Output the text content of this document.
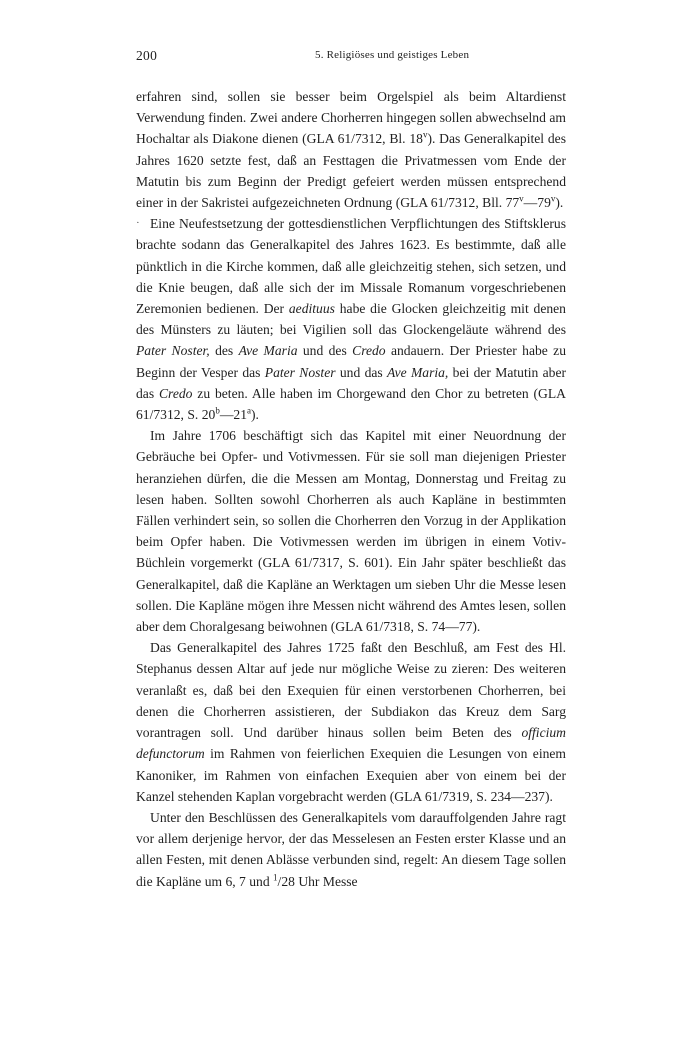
200	5. Religiöses und geistiges Leben

erfahren sind, sollen sie besser beim Orgelspiel als beim Altardienst Verwendung finden. Zwei andere Chorherren hingegen sollen abwechselnd am Hochaltar als Diakone dienen (GLA 61/7312, Bl. 18$^v$). Das Generalkapitel des Jahres 1620 setzte fest, daß an Festtagen die Privatmessen vom Ende der Matutin bis zum Beginn der Predigt gefeiert werden müssen entsprechend einer in der Sakristei aufgezeichneten Ordnung (GLA 61/7312, Bll. 77$^v$—79$^v$).

· Eine Neufestsetzung der gottesdienstlichen Verpflichtungen des Stiftsklerus brachte sodann das Generalkapitel des Jahres 1623. Es bestimmte, daß alle pünktlich in die Kirche kommen, daß alle gleichzeitig stehen, sich setzen, und die Knie beugen, daß alle sich der im Missale Romanum vorgeschriebenen Zeremonien bedienen. Der aedituus habe die Glocken gleichzeitig mit denen des Münsters zu läuten; bei Vigilien soll das Glockengeläute während des Pater Noster, des Ave Maria und des Credo andauern. Der Priester habe zu Beginn der Vesper das Pater Noster und das Ave Maria, bei der Matutin aber das Credo zu beten. Alle haben im Chorgewand den Chor zu betreten (GLA 61/7312, S. 20$^b$—21$^a$).

Im Jahre 1706 beschäftigt sich das Kapitel mit einer Neuordnung der Gebräuche bei Opfer- und Votivmessen. Für sie soll man diejenigen Priester heranziehen dürfen, die die Messen am Montag, Donnerstag und Freitag zu lesen haben. Sollten sowohl Chorherren als auch Kapläne in bestimmten Fällen verhindert sein, so sollen die Chorherren den Vorzug in der Applikation beim Opfer haben. Die Votivmessen werden im übrigen in einem Votiv-Büchlein vorgemerkt (GLA 61/7317, S. 601). Ein Jahr später beschließt das Generalkapitel, daß die Kapläne an Werktagen um sieben Uhr die Messe lesen sollen. Die Kapläne mögen ihre Messen nicht während des Amtes lesen, sollen aber dem Choralgesang beiwohnen (GLA 61/7318, S. 74—77).

Das Generalkapitel des Jahres 1725 faßt den Beschluß, am Fest des Hl. Stephanus dessen Altar auf jede nur mögliche Weise zu zieren: Des weiteren veranlaßt es, daß bei den Exequien für einen verstorbenen Chorherren, bei denen die Chorherren assistieren, der Subdiakon das Kreuz dem Sarg vorantragen soll. Und darüber hinaus sollen beim Beten des officium defunctorum im Rahmen von feierlichen Exequien die Lesungen von einem Kanoniker, im Rahmen von einfachen Exequien aber von einem bei der Kanzel stehenden Kaplan vorgebracht werden (GLA 61/7319, S. 234—237).

Unter den Beschlüssen des Generalkapitels vom darauffolgenden Jahre ragt vor allem derjenige hervor, der das Messelesen an Festen erster Klasse und an allen Festen, mit denen Ablässe verbunden sind, regelt: An diesem Tage sollen die Kapläne um 6, 7 und $^1$/28 Uhr Messe
